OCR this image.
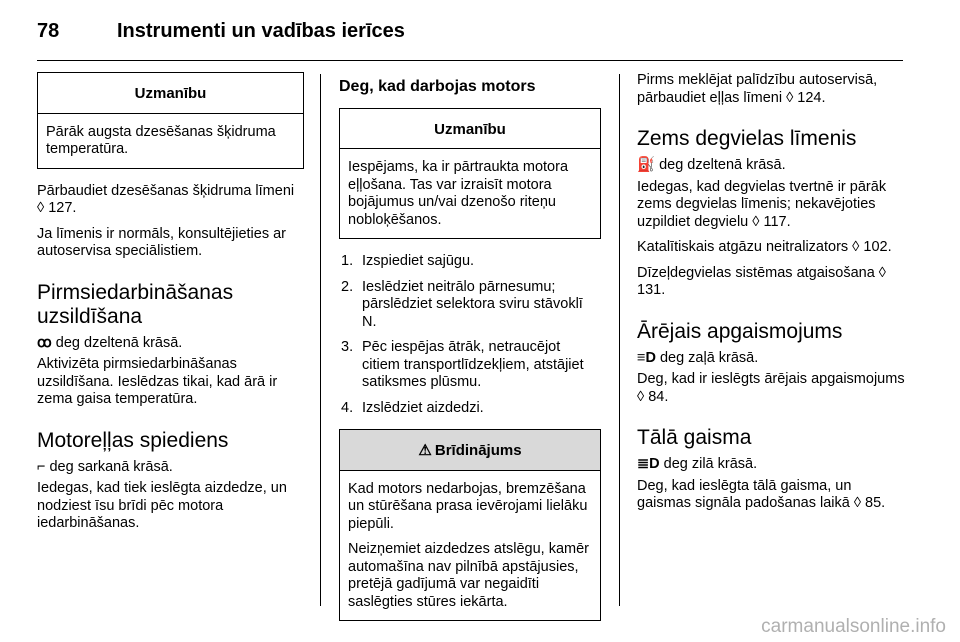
78	Instrumenti un vadības ierīces
Uzmanību

Pārāk augsta dzesēšanas šķidruma temperatūra.

Pārbaudiet dzesēšanas šķidruma līmeni ◊ 127.

Ja līmenis ir normāls, konsultējieties ar autoservisa speciālistiem.

Pirmsiedarbināšanas uzsildīšana
ꝏ deg dzeltenā krāsā.

Aktivizēta pirmsiedarbināšanas uzsildīšana. Ieslēdzas tikai, kad ārā ir zema gaisa temperatūra.

Motoreļļas spiediens
⌐ deg sarkanā krāsā.

Iedegas, kad tiek ieslēgta aizdedze, un nodziest īsu brīdi pēc motora iedarbināšanas.

Deg, kad darbojas motors
Uzmanību

Iespējams, ka ir pārtraukta motora eļļošana. Tas var izraisīt motora bojājumus un/vai dzenošo riteņu nobloķēšanos.

1. Izspiediet sajūgu.
2. Ieslēdziet neitrālo pārnesumu; pārslēdziet selektora sviru stāvoklī N.
3. Pēc iespējas ātrāk, netraucējot citiem transportlīdzekļiem, atstājiet satiksmes plūsmu.
4. Izslēdziet aizdedzi.
⚠ Brīdinājums

Kad motors nedarbojas, bremzēšana un stūrēšana prasa ievērojami lielāku piepūli.

Neizņemiet aizdedzes atslēgu, kamēr automašīna nav pilnībā apstājusies, pretējā gadījumā var negaidīti saslēgties stūres iekārta.

Pirms meklējat palīdzību autoservisā, pārbaudiet eļļas līmeni ◊ 124.

Zems degvielas līmenis
⛽ deg dzeltenā krāsā.

Iedegas, kad degvielas tvertnē ir pārāk zems degvielas līmenis; nekavējoties uzpildiet degvielu ◊ 117.

Katalītiskais atgāzu neitralizators ◊ 102.

Dīzeļdegvielas sistēmas atgaisošana ◊ 131.

Ārējais apgaismojums
≡D deg zaļā krāsā.

Deg, kad ir ieslēgts ārējais apgaismojums ◊ 84.

Tālā gaisma
≣D deg zilā krāsā.

Deg, kad ieslēgta tālā gaisma, un gaismas signāla padošanas laikā ◊ 85.

carmanualsonline.info
